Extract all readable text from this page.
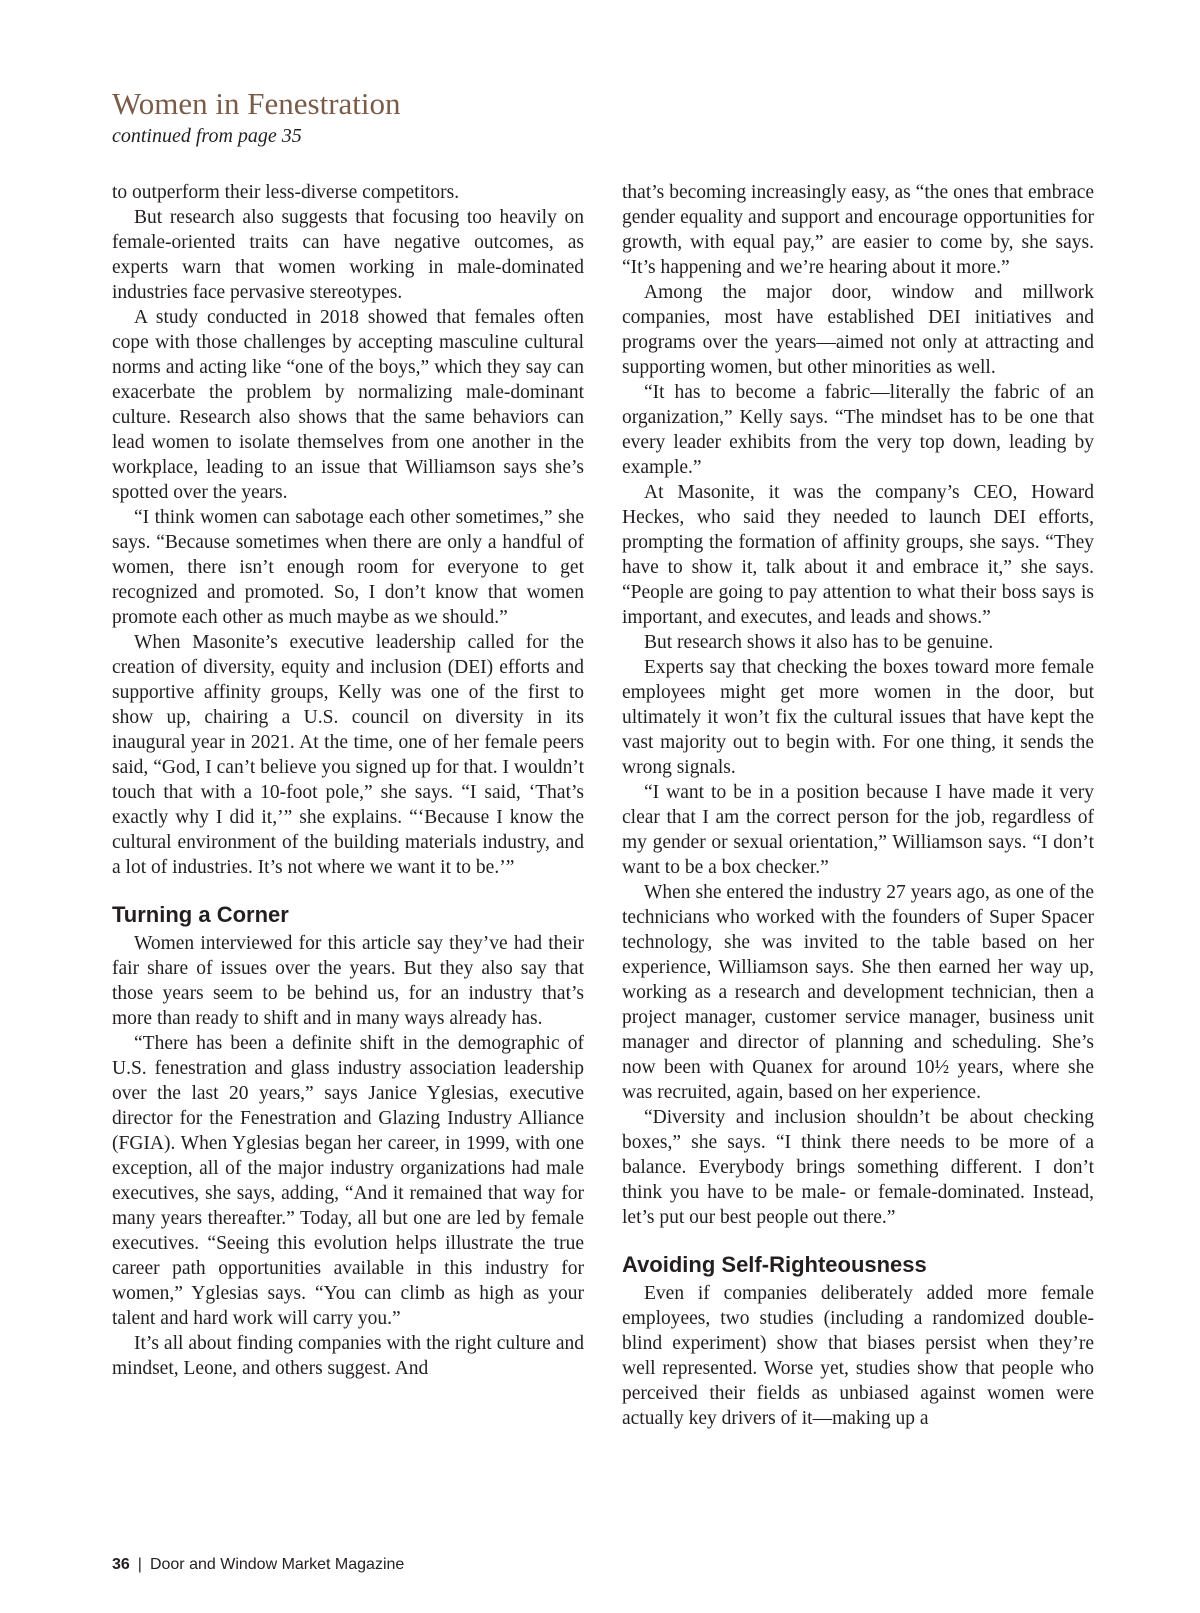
Women in Fenestration
continued from page 35

to outperform their less-diverse competitors.

But research also suggests that focusing too heavily on female-oriented traits can have negative outcomes, as experts warn that women working in male-dominated industries face pervasive stereotypes.

A study conducted in 2018 showed that females often cope with those challenges by accepting masculine cultural norms and acting like “one of the boys,” which they say can exacerbate the problem by normalizing male-dominant culture. Research also shows that the same behaviors can lead women to isolate themselves from one another in the workplace, leading to an issue that Williamson says she’s spotted over the years.

“I think women can sabotage each other sometimes,” she says. “Because sometimes when there are only a handful of women, there isn’t enough room for everyone to get recognized and promoted. So, I don’t know that women promote each other as much maybe as we should.”

When Masonite’s executive leadership called for the creation of diversity, equity and inclusion (DEI) efforts and supportive affinity groups, Kelly was one of the first to show up, chairing a U.S. council on diversity in its inaugural year in 2021. At the time, one of her female peers said, “God, I can’t believe you signed up for that. I wouldn’t touch that with a 10-foot pole,” she says. “I said, ‘That’s exactly why I did it,’” she explains. “‘Because I know the cultural environment of the building materials industry, and a lot of industries. It’s not where we want it to be.’”

Turning a Corner

Women interviewed for this article say they’ve had their fair share of issues over the years. But they also say that those years seem to be behind us, for an industry that’s more than ready to shift and in many ways already has.

“There has been a definite shift in the demographic of U.S. fenestration and glass industry association leadership over the last 20 years,” says Janice Yglesias, executive director for the Fenestration and Glazing Industry Alliance (FGIA). When Yglesias began her career, in 1999, with one exception, all of the major industry organizations had male executives, she says, adding, “And it remained that way for many years thereafter.” Today, all but one are led by female executives. “Seeing this evolution helps illustrate the true career path opportunities available in this industry for women,” Yglesias says. “You can climb as high as your talent and hard work will carry you.”

It’s all about finding companies with the right culture and mindset, Leone, and others suggest. And

that’s becoming increasingly easy, as “the ones that embrace gender equality and support and encourage opportunities for growth, with equal pay,” are easier to come by, she says. “It’s happening and we’re hearing about it more.”

Among the major door, window and millwork companies, most have established DEI initiatives and programs over the years—aimed not only at attracting and supporting women, but other minorities as well.

“It has to become a fabric—literally the fabric of an organization,” Kelly says. “The mindset has to be one that every leader exhibits from the very top down, leading by example.”

At Masonite, it was the company’s CEO, Howard Heckes, who said they needed to launch DEI efforts, prompting the formation of affinity groups, she says. “They have to show it, talk about it and embrace it,” she says. “People are going to pay attention to what their boss says is important, and executes, and leads and shows.”

But research shows it also has to be genuine.

Experts say that checking the boxes toward more female employees might get more women in the door, but ultimately it won’t fix the cultural issues that have kept the vast majority out to begin with. For one thing, it sends the wrong signals.

“I want to be in a position because I have made it very clear that I am the correct person for the job, regardless of my gender or sexual orientation,” Williamson says. “I don’t want to be a box checker.”

When she entered the industry 27 years ago, as one of the technicians who worked with the founders of Super Spacer technology, she was invited to the table based on her experience, Williamson says. She then earned her way up, working as a research and development technician, then a project manager, customer service manager, business unit manager and director of planning and scheduling. She’s now been with Quanex for around 10½ years, where she was recruited, again, based on her experience.

“Diversity and inclusion shouldn’t be about checking boxes,” she says. “I think there needs to be more of a balance. Everybody brings something different. I don’t think you have to be male- or female-dominated. Instead, let’s put our best people out there.”

Avoiding Self-Righteousness

Even if companies deliberately added more female employees, two studies (including a randomized double-blind experiment) show that biases persist when they’re well represented. Worse yet, studies show that people who perceived their fields as unbiased against women were actually key drivers of it—making up a

36 | Door and Window Market Magazine
